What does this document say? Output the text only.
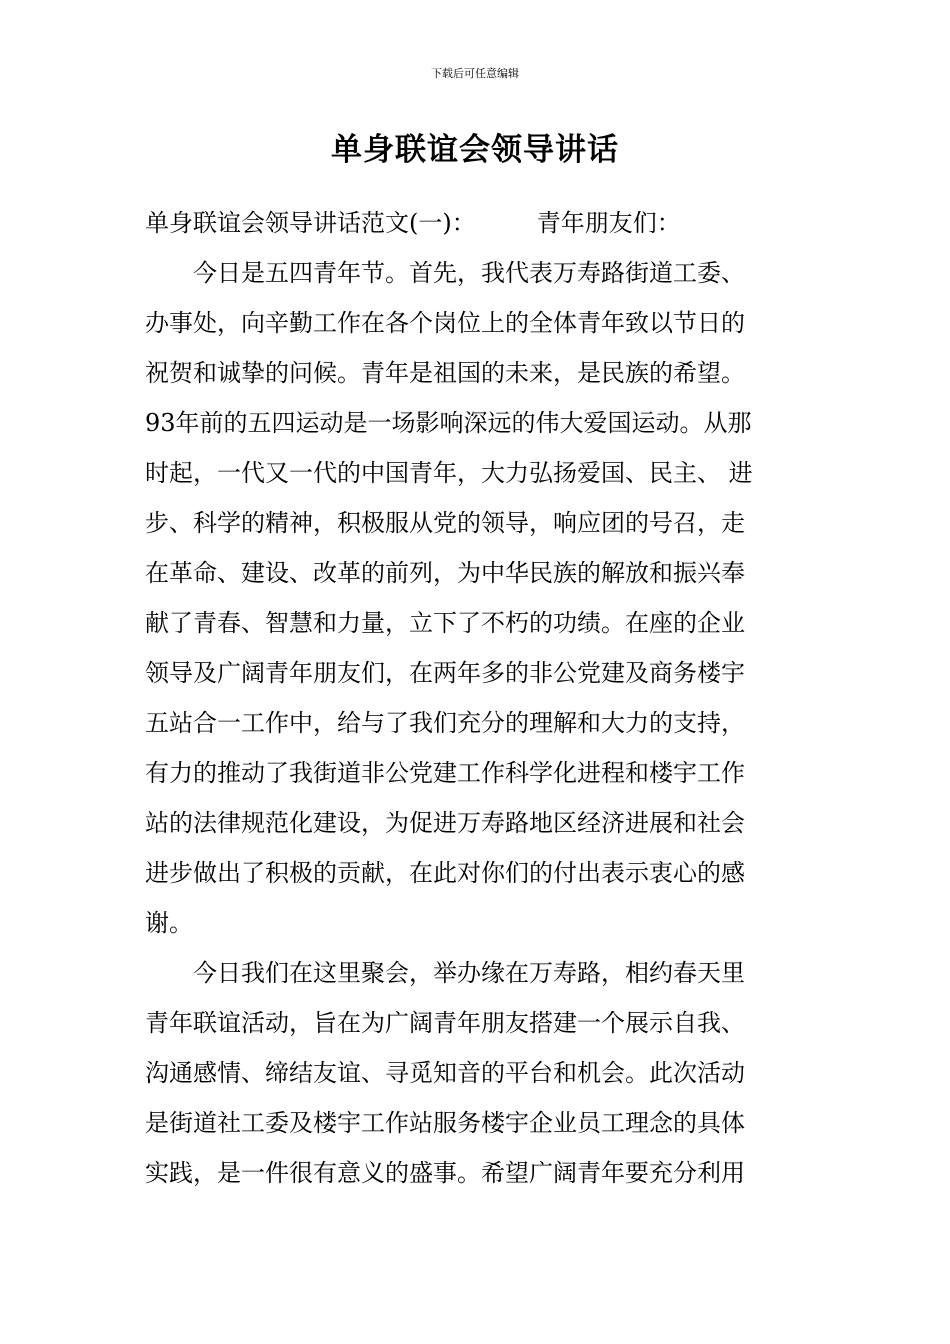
下载后可任意编辑
单身联谊会领导讲话
单身联谊会领导讲话范文(一)：	青年朋友们：
今日是五四青年节。首先，我代表万寿路街道工委、
办事处，向辛勤工作在各个岗位上的全体青年致以节日的
祝贺和诚挚的问候。青年是祖国的未来，是民族的希望。
93年前的五四运动是一场影响深远的伟大爱国运动。从那
时起，一代又一代的中国青年，大力弘扬爱国、民主、 进
步、科学的精神，积极服从党的领导，响应团的号召，走
在革命、建设、改革的前列，为中华民族的解放和振兴奉
献了青春、智慧和力量，立下了不朽的功绩。在座的企业
领导及广阔青年朋友们，在两年多的非公党建及商务楼宇
五站合一工作中，给与了我们充分的理解和大力的支持，
有力的推动了我街道非公党建工作科学化进程和楼宇工作
站的法律规范化建设，为促进万寿路地区经济进展和社会
进步做出了积极的贡献，在此对你们的付出表示衷心的感
谢。
今日我们在这里聚会，举办缘在万寿路，相约春天里
青年联谊活动，旨在为广阔青年朋友搭建一个展示自我、
沟通感情、缔结友谊、寻觅知音的平台和机会。此次活动
是街道社工委及楼宇工作站服务楼宇企业员工理念的具体
实践，是一件很有意义的盛事。希望广阔青年要充分利用
